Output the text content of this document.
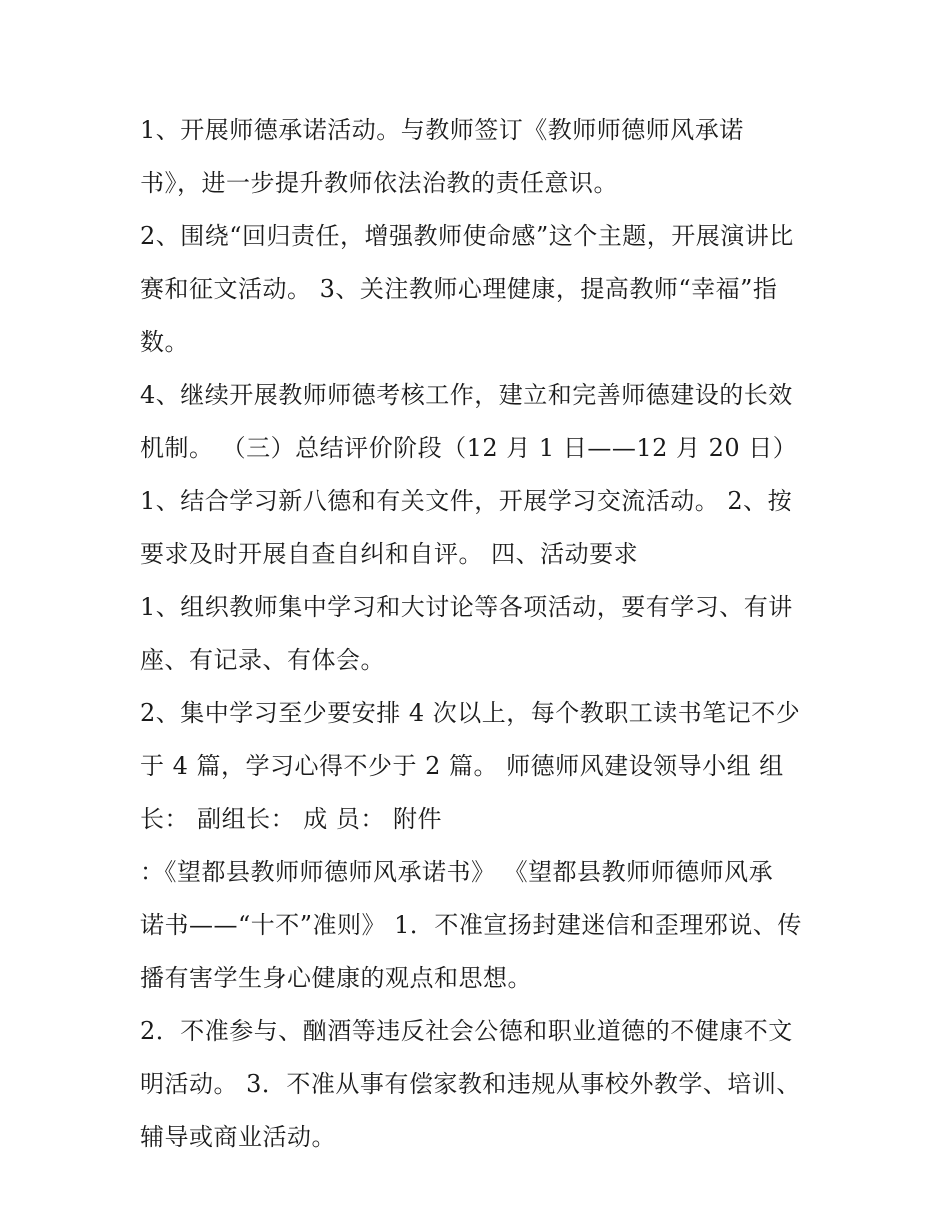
1、开展师德承诺活动。与教师签订《教师师德师风承诺

书》，进一步提升教师依法治教的责任意识。

2、围绕“回归责任，增强教师使命感”这个主题，开展演讲比

赛和征文活动。 3、关注教师心理健康，提高教师“幸福”指

数。

4、继续开展教师师德考核工作，建立和完善师德建设的长效

机制。 （三）总结评价阶段（12 月 1 日——12 月 20 日）

1、结合学习新八德和有关文件，开展学习交流活动。 2、按

要求及时开展自查自纠和自评。 四、活动要求

1、组织教师集中学习和大讨论等各项活动，要有学习、有讲

座、有记录、有体会。

2、集中学习至少要安排 4 次以上，每个教职工读书笔记不少

于 4 篇，学习心得不少于 2 篇。 师德师风建设领导小组 组

长： 副组长： 成 员： 附件

：《望都县教师师德师风承诺书》 《望都县教师师德师风承

诺书——“十不”准则》 1．不准宣扬封建迷信和歪理邪说、传

播有害学生身心健康的观点和思想。

2．不准参与、酗酒等违反社会公德和职业道德的不健康不文

明活动。 3．不准从事有偿家教和违规从事校外教学、培训、

辅导或商业活动。
